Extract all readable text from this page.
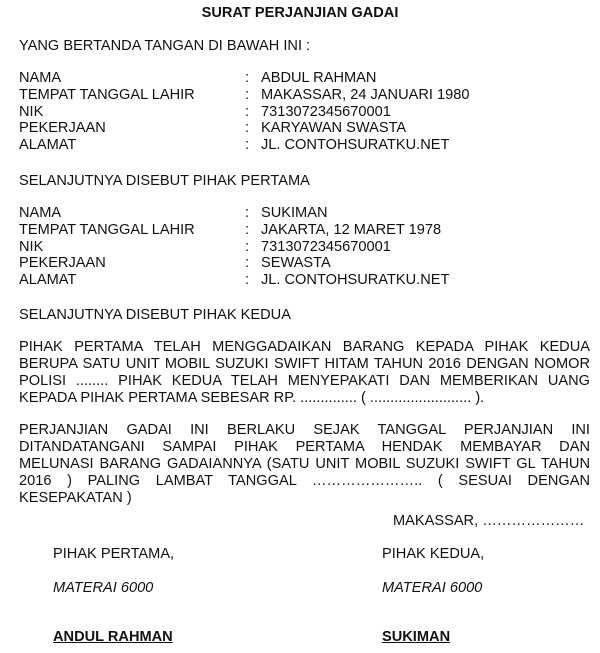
SURAT PERJANJIAN GADAI
YANG BERTANDA TANGAN DI BAWAH INI :
NAMA	:	ABDUL RAHMAN
TEMPAT TANGGAL LAHIR	:	MAKASSAR, 24 JANUARI 1980
NIK	:	7313072345670001
PEKERJAAN	:	KARYAWAN SWASTA
ALAMAT	:	JL. CONTOHSURATKU.NET
SELANJUTNYA DISEBUT PIHAK PERTAMA
NAMA	:	SUKIMAN
TEMPAT TANGGAL LAHIR	:	JAKARTA, 12 MARET 1978
NIK	:	7313072345670001
PEKERJAAN	:	SEWASTA
ALAMAT	:	JL. CONTOHSURATKU.NET
SELANJUTNYA DISEBUT PIHAK KEDUA
PIHAK PERTAMA TELAH MENGGADAIKAN BARANG KEPADA PIHAK KEDUA
BERUPA SATU UNIT MOBIL SUZUKI SWIFT HITAM TAHUN 2016 DENGAN NOMOR
POLISI ........ PIHAK KEDUA TELAH MENYEPAKATI DAN MEMBERIKAN UANG
KEPADA PIHAK PERTAMA SEBESAR RP. .............. ( ......................... ).
PERJANJIAN GADAI INI BERLAKU SEJAK TANGGAL PERJANJIAN INI
DITANDATANGANI SAMPAI PIHAK PERTAMA HENDAK MEMBAYAR DAN
MELUNASI BARANG GADAIANNYA (SATU UNIT MOBIL SUZUKI SWIFT GL TAHUN
2016 ) PALING LAMBAT TANGGAL ………………….. ( SESUAI DENGAN
KESEPAKATAN )
MAKASSAR, …………………
PIHAK PERTAMA,
MATERAI 6000
ANDUL RAHMAN
PIHAK KEDUA,
MATERAI 6000
SUKIMAN
